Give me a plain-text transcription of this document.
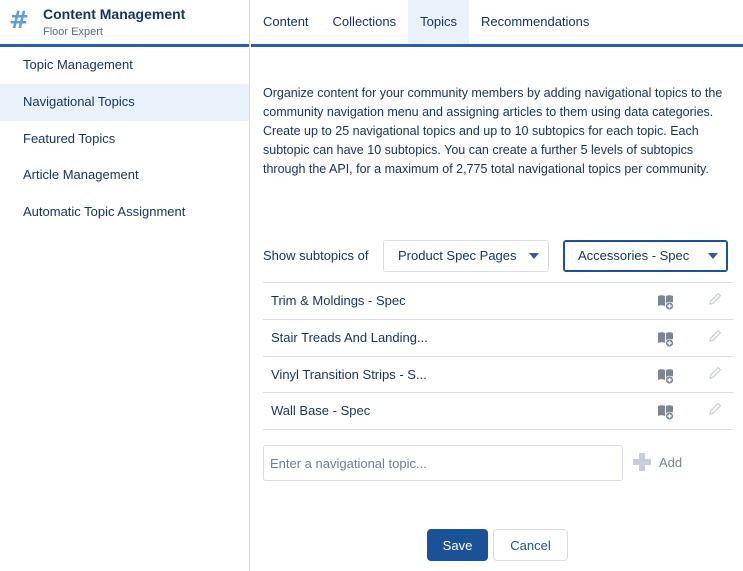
# Content Management
Floor Expert
Topic Management
Navigational Topics
Featured Topics
Article Management
Automatic Topic Assignment
Content	Collections	Topics	Recommendations

Organize content for your community members by adding navigational topics to the community navigation menu and assigning articles to them using data categories.

Create up to 25 navigational topics and up to 10 subtopics for each topic. Each subtopic can have 10 subtopics. You can create a further 5 levels of subtopics through the API, for a maximum of 2,775 total navigational topics per community.

Show subtopics of	Product Spec Pages	Accessories - Spec
Trim & Moldings - Spec
Stair Treads And Landing...
Vinyl Transition Strips - S...
Wall Base - Spec
Enter a navigational topic...
Add
Save	Cancel
